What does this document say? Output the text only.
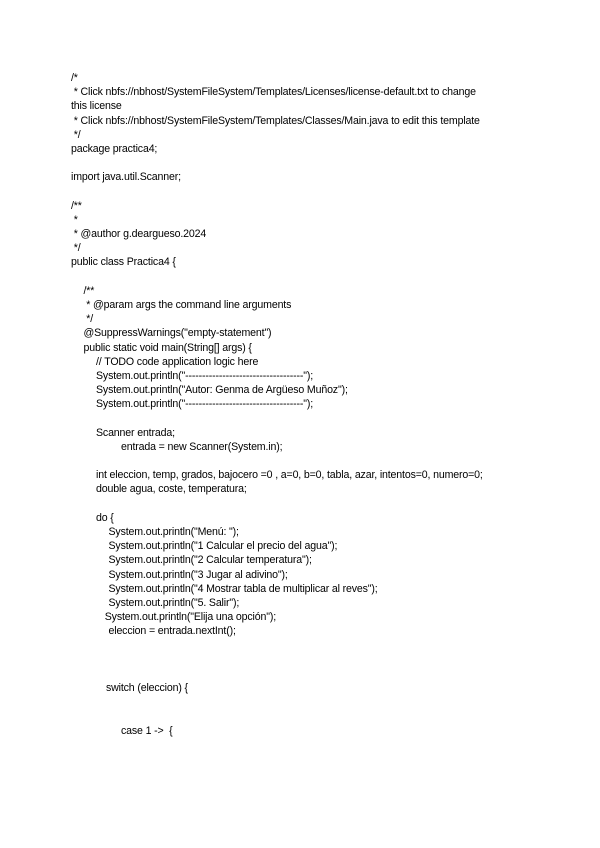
/*
* Click nbfs://nbhost/SystemFileSystem/Templates/Licenses/license-default.txt to change
this license
* Click nbfs://nbhost/SystemFileSystem/Templates/Classes/Main.java to edit this template
*/
package practica4;
import java.util.Scanner;
/**
*
* @author g.deargueso.2024
*/
public class Practica4 {
/**
* @param args the command line arguments
*/
@SuppressWarnings("empty-statement")
public static void main(String[] args) {
// TODO code application logic here
System.out.println("-----------------------------------");
System.out.println("Autor: Genma de Argüeso Muñoz");
System.out.println("-----------------------------------");
Scanner entrada;
entrada = new Scanner(System.in);
int eleccion, temp, grados, bajocero =0 , a=0, b=0, tabla, azar, intentos=0, numero=0;
double agua, coste, temperatura;
do {
System.out.println("Menú: ");
System.out.println("1 Calcular el precio del agua");
System.out.println("2 Calcular temperatura");
System.out.println("3 Jugar al adivino");
System.out.println("4 Mostrar tabla de multiplicar al reves");
System.out.println("5. Salir");
System.out.println("Elija una opción");
eleccion = entrada.nextInt();
switch (eleccion) {
case 1 ->  {
